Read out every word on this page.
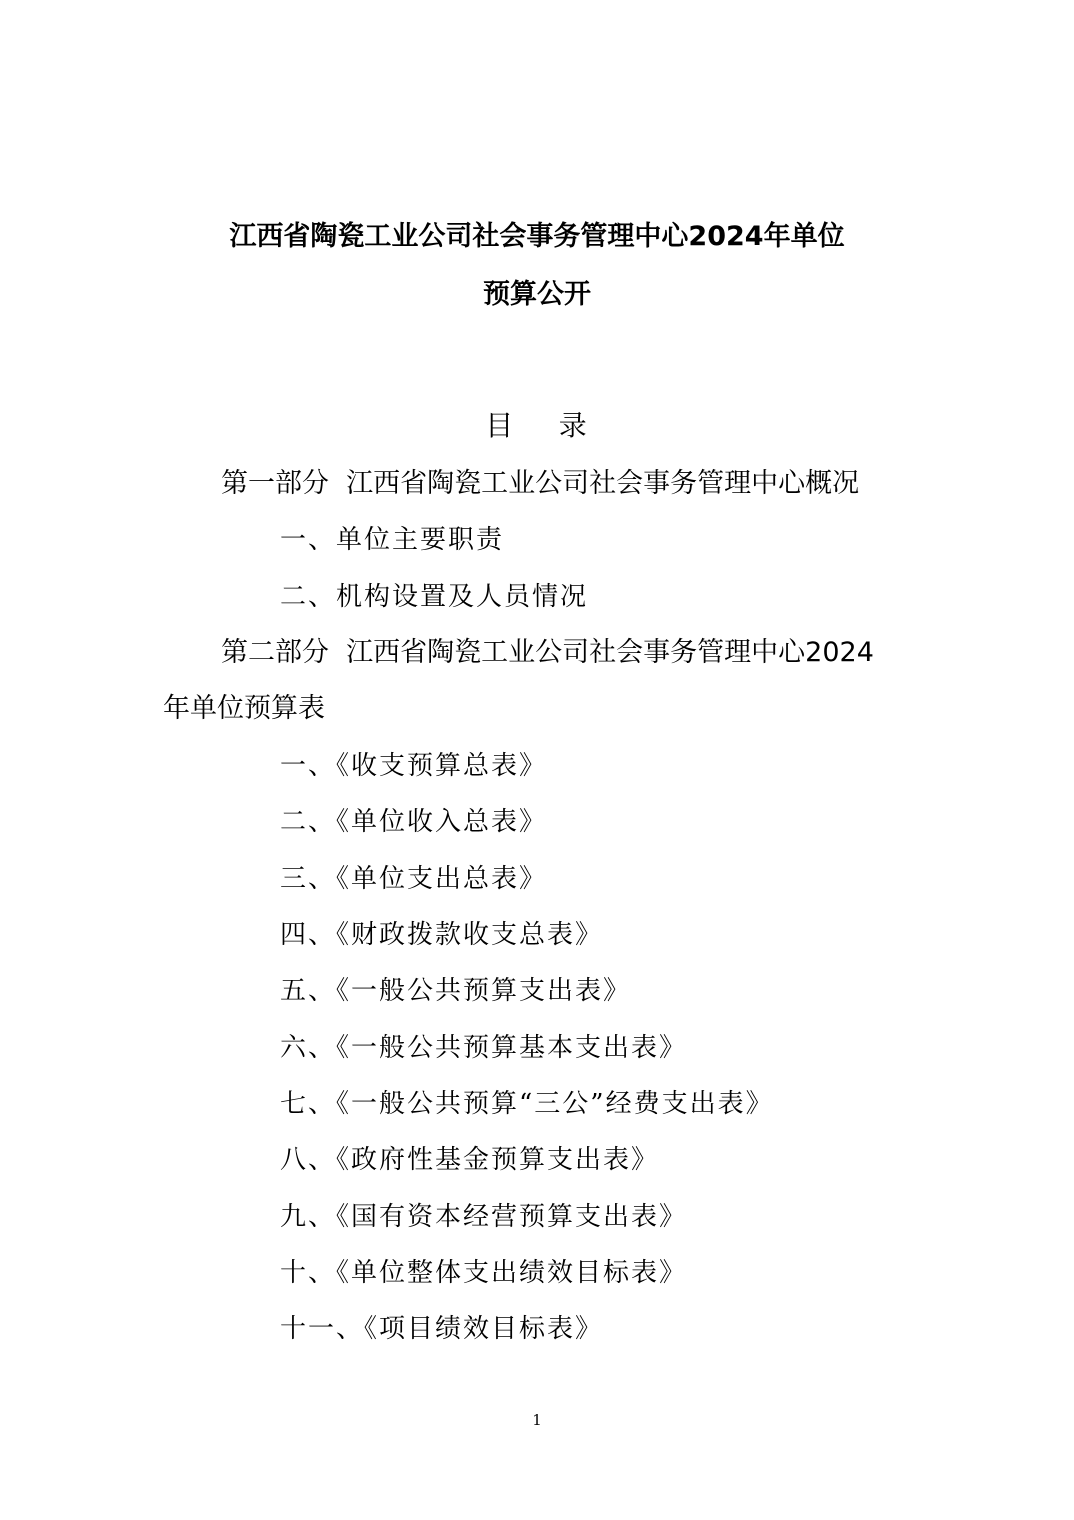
江西省陶瓷工业公司社会事务管理中心2024年单位
预算公开
目    录
第一部分  江西省陶瓷工业公司社会事务管理中心概况
一、单位主要职责
二、机构设置及人员情况
第二部分  江西省陶瓷工业公司社会事务管理中心2024
年单位预算表
一、《收支预算总表》
二、《单位收入总表》
三、《单位支出总表》
四、《财政拨款收支总表》
五、《一般公共预算支出表》
六、《一般公共预算基本支出表》
七、《一般公共预算“三公”经费支出表》
八、《政府性基金预算支出表》
九、《国有资本经营预算支出表》
十、《单位整体支出绩效目标表》
十一、《项目绩效目标表》
1
